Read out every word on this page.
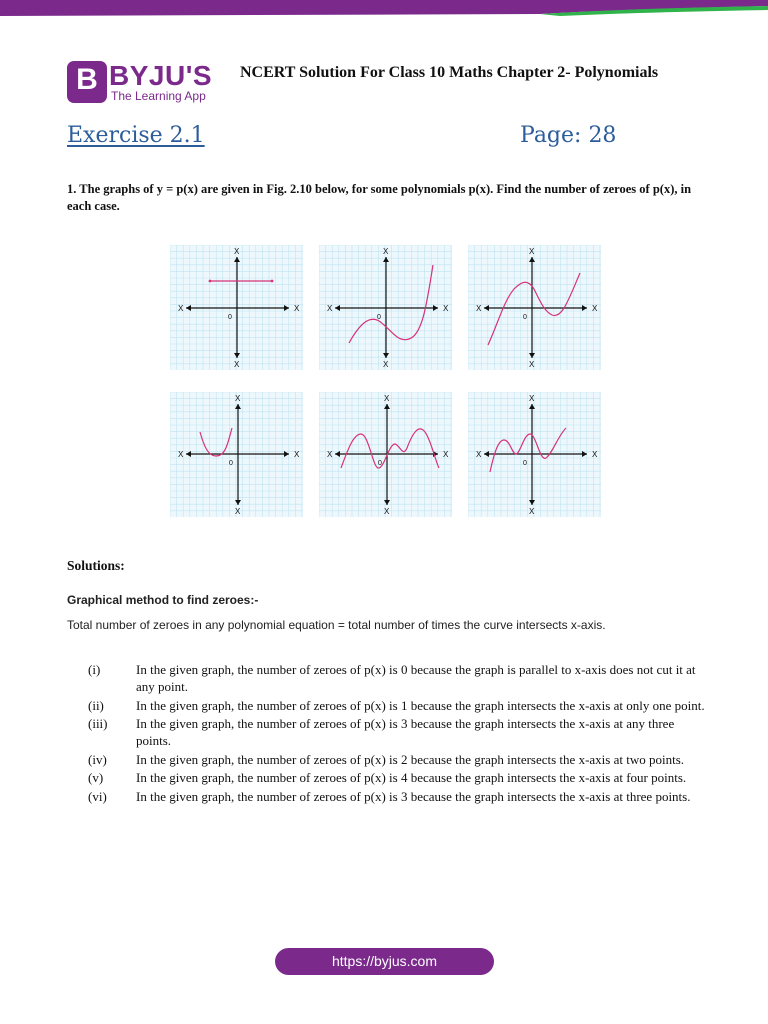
B BYJU'S
The Learning App
NCERT Solution For Class 10 Maths Chapter 2- Polynomials
Exercise 2.1	Page: 28
1. The graphs of y = p(x) are given in Fig. 2.10 below, for some polynomials p(x). Find the number of zeroes of p(x), in each case.
X	X
X
X
0
X	X
X
X
0
X	X
X
X
0
X	X
X
X
0
X	X
X
X
0
X	X
X
X
0
Solutions:
Graphical method to find zeroes:-
Total number of zeroes in any polynomial equation = total number of times the curve intersects x-axis.
(i)	In the given graph, the number of zeroes of p(x) is 0 because the graph is parallel to x-axis does not cut it at any point.
(ii)	In the given graph, the number of zeroes of p(x) is 1 because the graph intersects the x-axis at only one point.
(iii)	In the given graph, the number of zeroes of p(x) is 3 because the graph intersects the x-axis at any three points.
(iv)	In the given graph, the number of zeroes of p(x) is 2 because the graph intersects the x-axis at two points.
(v)	In the given graph, the number of zeroes of p(x) is 4 because the graph intersects the x-axis at four points.
(vi)	In the given graph, the number of zeroes of p(x) is 3 because the graph intersects the x-axis at three points.
https://byjus.com
